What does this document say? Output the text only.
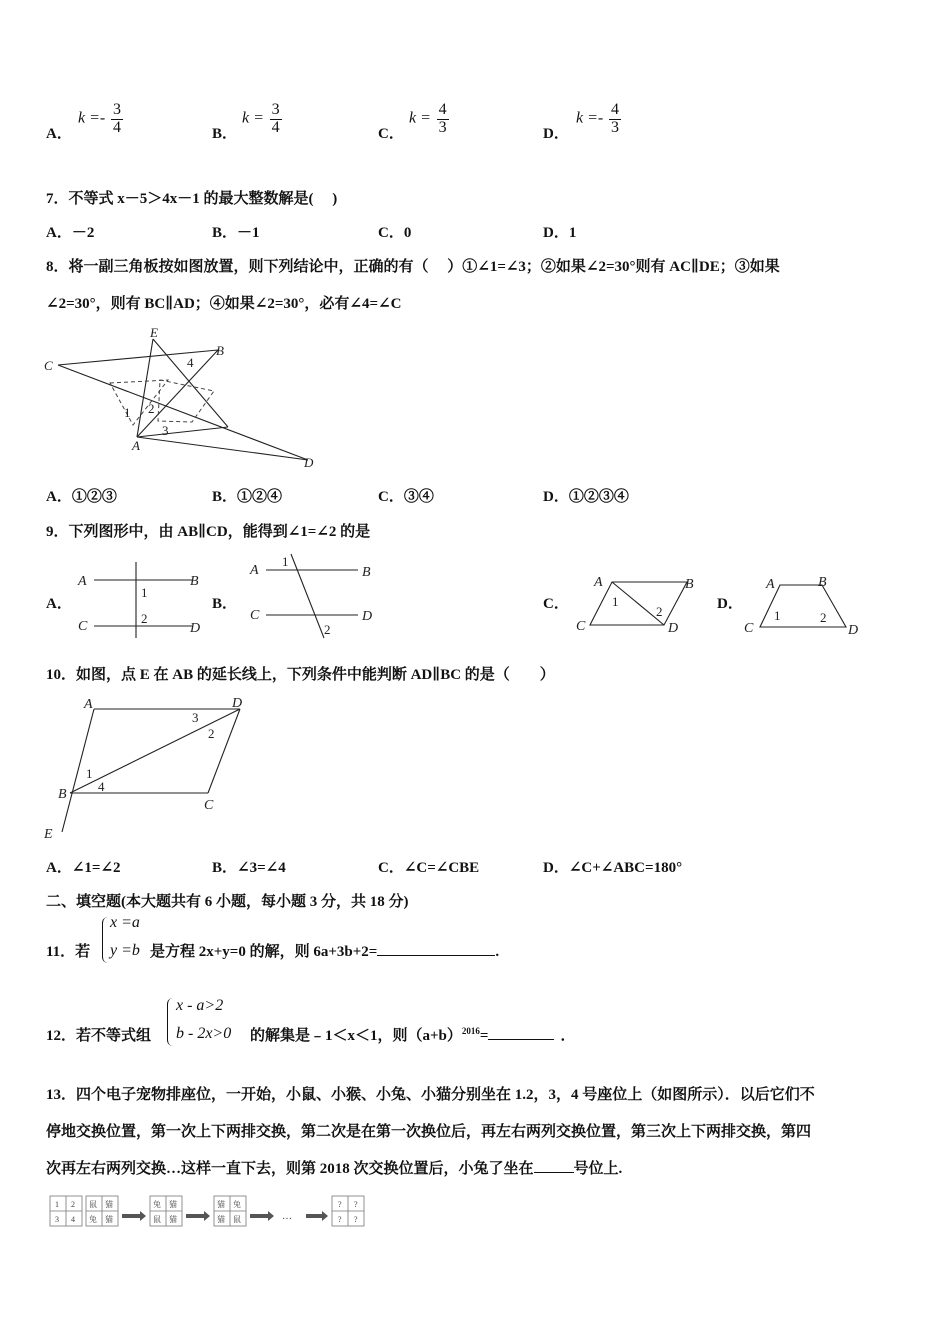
A．
$k =- \frac{3}{4}$	B．
$k = \frac{3}{4}$	C．
$k = \frac{4}{3}$	D．
$k =- \frac{4}{3}$
7．不等式 x－5＞4x－1 的最大整数解是(　 )
A．－2	B．－1	C．0	D．1
8．将一副三角板按如图放置，则下列结论中，正确的有（　 ）①∠1=∠3；②如果∠2=30°则有 AC∥DE；③如果
∠2=30°，则有 BC∥AD；④如果∠2=30°，必有∠4=∠C
E
B
C	4
1 2
3
A
D
A．①②③	B．①②④	C．③④	D．①②③④
9．下列图形中，由 AB∥CD，能得到∠1=∠2 的是
A．
A	B
C	D
1
2
B．
A	B
C	D
1
2
C．
A	B
C	D
1
2	D．
A	B
C	D
1	2
10．如图，点 E 在 AB 的延长线上，下列条件中能判断 AD∥BC 的是（　　）
A	D
3
2
1
4
B
C
E
A．∠1=∠2	B．∠3=∠4	C．∠C=∠CBE	D．∠C+∠ABC=180°
二、填空题(本大题共有 6 小题，每小题 3 分，共 18 分)
11．若
x =a
y =b 是方程 2x+y=0 的解，则 6a+3b+2=	.
12．若不等式组
x - a>2
b - 2x>0 的解集是﹣1＜x＜1，则$(a+b)^{2016}=$	．
13．四个电子宠物排座位，一开始，小鼠、小猴、小兔、小猫分别坐在 1.2，3，4 号座位上（如图所示）．以后它们不
停地交换位置，第一次上下两排交换，第二次是在第一次换位后，再左右两列交换位置，第三次上下两排交换，第四
次再左右两列交换…这样一直下去，则第 2018 次交换位置后，小兔了坐在	号位上.
1 2
3 4
鼠 猫
兔 猫
兔 猫
鼠 猫
猫 兔
猫 鼠	…
? ?
? ?
